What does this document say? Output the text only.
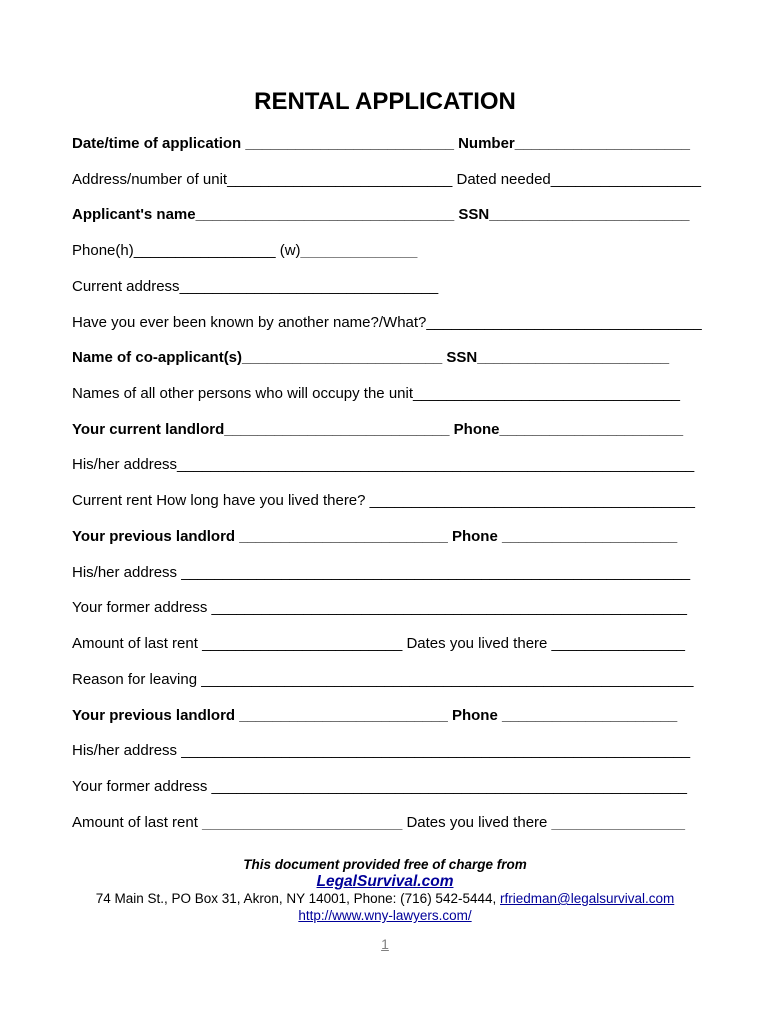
RENTAL APPLICATION
Date/time of application _________________________ Number_____________________
Address/number of unit___________________________ Dated needed__________________
Applicant's name_______________________________ SSN________________________
Phone(h)_________________ (w)______________
Current address_______________________________
Have you ever been known by another name?/What?_________________________________
Name of co-applicant(s)________________________ SSN_______________________
Names of all other persons who will occupy the unit________________________________
Your current landlord___________________________ Phone______________________
His/her address______________________________________________________________
Current rent How long have you lived there? _______________________________________
Your previous landlord _________________________ Phone _____________________
His/her address _____________________________________________________________
Your former address _________________________________________________________
Amount of last rent ________________________ Dates you lived there ________________
Reason for leaving ___________________________________________________________
Your previous landlord _________________________ Phone _____________________
His/her address _____________________________________________________________
Your former address _________________________________________________________
Amount of last rent ________________________ Dates you lived there ________________
This document provided free of charge from
LegalSurvival.com
74 Main St., PO Box 31, Akron, NY 14001, Phone: (716) 542-5444, rfriedman@legalsurvival.com
http://www.wny-lawyers.com/
1
